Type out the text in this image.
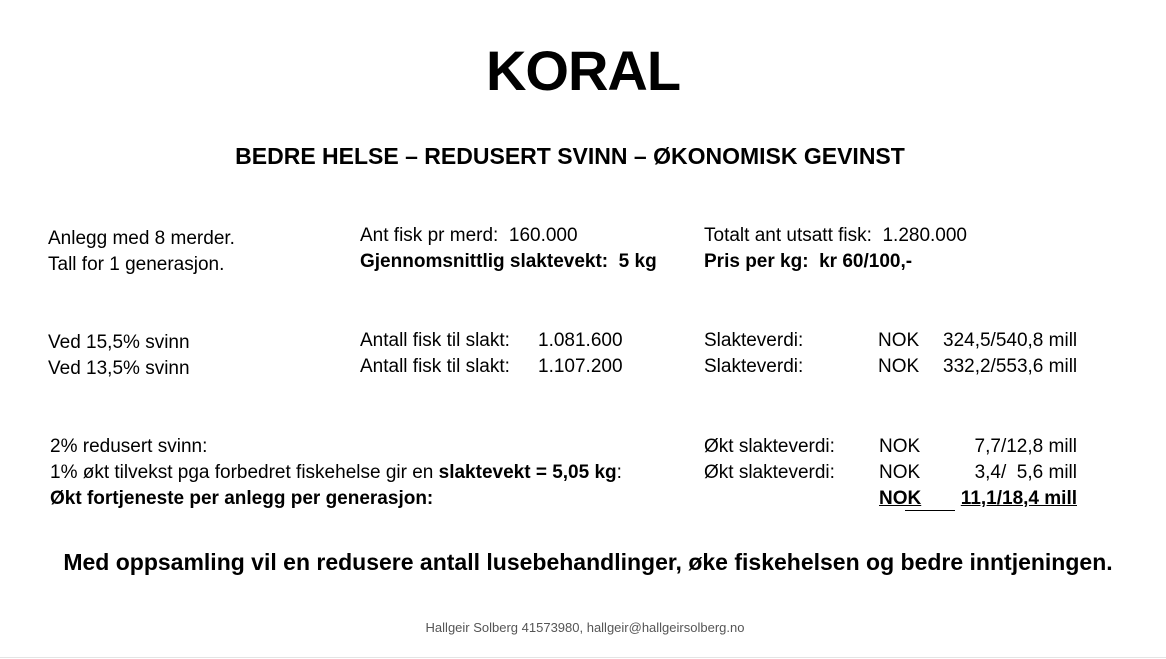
KORAL
BEDRE HELSE – REDUSERT SVINN – ØKONOMISK GEVINST
Anlegg med 8 merder.
Tall for 1 generasjon.
Ant fisk pr merd:  160.000
Gjennomsnittlig slaktevekt:  5 kg
Totalt ant utsatt fisk:  1.280.000
Pris per kg:  kr 60/100,-
Ved 15,5% svinn
Ved 13,5% svinn
Antall fisk til slakt:
Antall fisk til slakt:
1.081.600
1.107.200
Slakteverdi:
Slakteverdi:
NOK
NOK
324,5/540,8 mill
332,2/553,6 mill
2% redusert svinn:
1% økt tilvekst pga forbedret fiskehelse gir en slaktevekt = 5,05 kg:
Økt fortjeneste per anlegg per generasjon:
Økt slakteverdi:
Økt slakteverdi:
NOK
NOK
NOK
7,7/12,8 mill
3,4/  5,6 mill
11,1/18,4 mill
Med oppsamling vil en redusere antall lusebehandlinger, øke fiskehelsen og bedre inntjeningen.
Hallgeir Solberg 41573980, hallgeir@hallgeirsolberg.no
